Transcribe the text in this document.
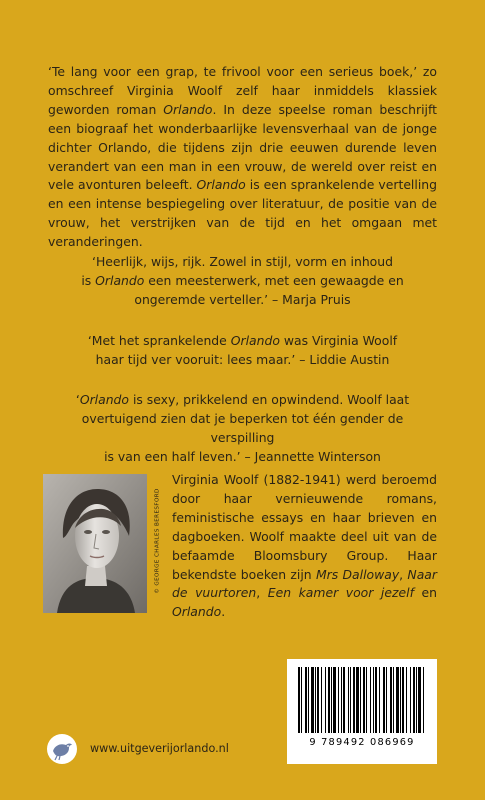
‘Te lang voor een grap, te frivool voor een serieus boek,’ zo omschreef Virginia Woolf zelf haar inmiddels klassiek geworden roman Orlando. In deze speelse roman beschrijft een biograaf het wonderbaarlijke levensverhaal van de jonge dichter Orlando, die tijdens zijn drie eeuwen durende leven verandert van een man in een vrouw, de wereld over reist en vele avonturen beleeft. Orlando is een sprankelende vertelling en een intense bespiegeling over literatuur, de positie van de vrouw, het verstrijken van de tijd en het omgaan met veranderingen.

‘Heerlijk, wijs, rijk. Zowel in stijl, vorm en inhoud
is Orlando een meesterwerk, met een gewaagde en
ongeremde verteller.’ – Marja Pruis

‘Met het sprankelende Orlando was Virginia Woolf
haar tijd ver vooruit: lees maar.’ – Liddie Austin

‘Orlando is sexy, prikkelend en opwindend. Woolf laat
overtuigend zien dat je beperken tot één gender de verspilling
is van een half leven.’ – Jeannette Winterson

© GEORGE CHARLES BERESFORD

Virginia Woolf (1882-1941) werd beroemd door haar vernieuwende romans, feministische essays en haar brieven en dagboeken. Woolf maakte deel uit van de befaamde Bloomsbury Group. Haar bekendste boeken zijn Mrs Dalloway, Naar de vuurtoren, Een kamer voor jezelf en Orlando.

9 789492 086969
www.uitgeverijorlando.nl
